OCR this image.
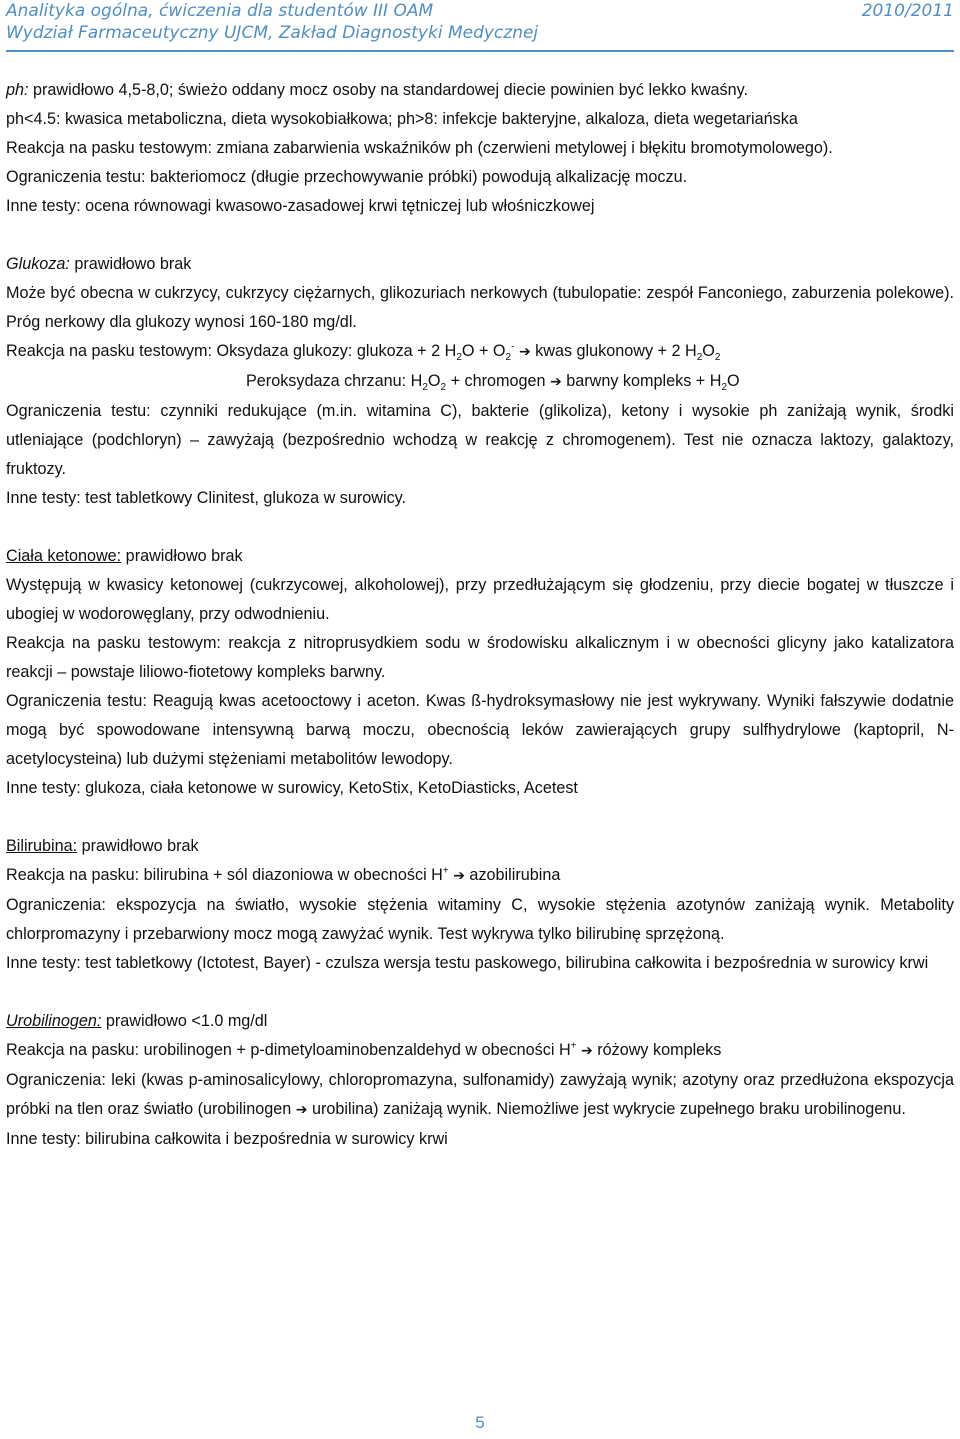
Analityka ogólna, ćwiczenia dla studentów III OAM	2010/2011
Wydział Farmaceutyczny UJCM, Zakład Diagnostyki Medycznej

ph: prawidłowo 4,5-8,0; świeżo oddany mocz osoby na standardowej diecie powinien być lekko kwaśny.

ph<4.5: kwasica metaboliczna, dieta wysokobiałkowa; ph>8: infekcje bakteryjne, alkaloza, dieta wegetariańska

Reakcja na pasku testowym: zmiana zabarwienia wskaźników ph (czerwieni metylowej i błękitu bromotymolowego).

Ograniczenia testu: bakteriomocz (długie przechowywanie próbki) powodują alkalizację moczu.

Inne testy: ocena równowagi kwasowo-zasadowej krwi tętniczej lub włośniczkowej

Glukoza: prawidłowo brak

Może być obecna w cukrzycy, cukrzycy ciężarnych, glikozuriach nerkowych (tubulopatie: zespół Fanconiego, zaburzenia polekowe). Próg nerkowy dla glukozy wynosi 160-180 mg/dl.

Reakcja na pasku testowym: Oksydaza glukozy: glukoza + 2 $H_2O + O_2^-$ ➔ kwas glukonowy + 2 $H_2O_2$

Peroksydaza chrzanu: $H_2O_2$ + chromogen ➔ barwny kompleks + $H_2O$

Ograniczenia testu: czynniki redukujące (m.in. witamina C), bakterie (glikoliza), ketony i wysokie ph zaniżają wynik, środki utleniające (podchloryn) – zawyżają (bezpośrednio wchodzą w reakcję z chromogenem). Test nie oznacza laktozy, galaktozy, fruktozy.

Inne testy: test tabletkowy Clinitest, glukoza w surowicy.

Ciała ketonowe: prawidłowo brak

Występują w kwasicy ketonowej (cukrzycowej, alkoholowej), przy przedłużającym się głodzeniu, przy diecie bogatej w tłuszcze i ubogiej w wodorowęglany, przy odwodnieniu.

Reakcja na pasku testowym: reakcja z nitroprusydkiem sodu w środowisku alkalicznym i w obecności glicyny jako katalizatora reakcji – powstaje liliowo-fiotetowy kompleks barwny.

Ograniczenia testu: Reagują kwas acetooctowy i aceton. Kwas ß-hydroksymasłowy nie jest wykrywany. Wyniki fałszywie dodatnie mogą być spowodowane intensywną barwą moczu, obecnością leków zawierających grupy sulfhydrylowe (kaptopril, N-acetylocysteina) lub dużymi stężeniami metabolitów lewodopy.

Inne testy: glukoza, ciała ketonowe w surowicy, KetoStix, KetoDiasticks, Acetest

Bilirubina: prawidłowo brak

Reakcja na pasku: bilirubina + sól diazoniowa w obecności H+ ➔ azobilirubina

Ograniczenia: ekspozycja na światło, wysokie stężenia witaminy C, wysokie stężenia azotynów zaniżają wynik. Metabolity chlorpromazyny i przebarwiony mocz mogą zawyżać wynik. Test wykrywa tylko bilirubinę sprzężoną.

Inne testy: test tabletkowy (Ictotest, Bayer) - czulsza wersja testu paskowego, bilirubina całkowita i bezpośrednia w surowicy krwi

Urobilinogen: prawidłowo <1.0 mg/dl

Reakcja na pasku: urobilinogen + p-dimetyloaminobenzaldehyd w obecności H+ ➔ różowy kompleks

Ograniczenia: leki (kwas p-aminosalicylowy, chloropromazyna, sulfonamidy) zawyżają wynik; azotyny oraz przedłużona ekspozycja próbki na tlen oraz światło (urobilinogen ➔ urobilina) zaniżają wynik. Niemożliwe jest wykrycie zupełnego braku urobilinogenu.

Inne testy: bilirubina całkowita i bezpośrednia w surowicy krwi

5
